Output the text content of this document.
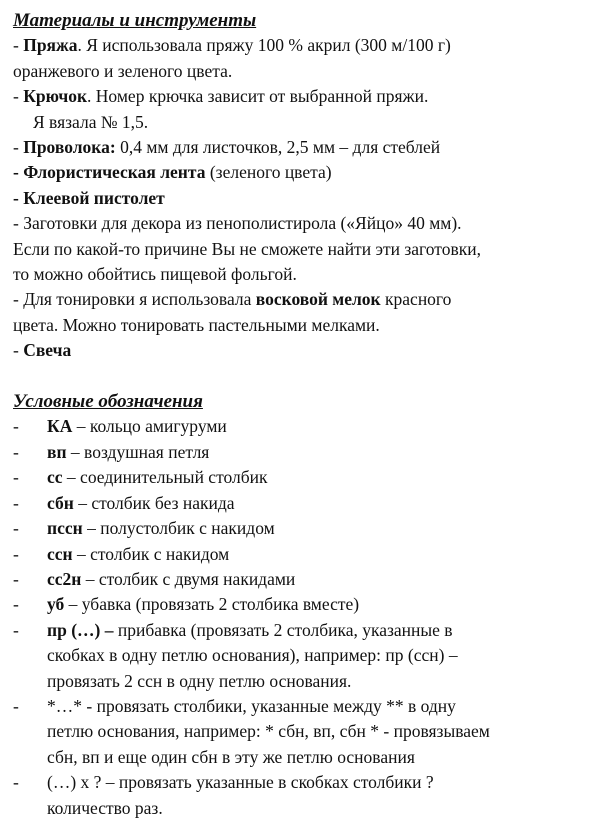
Материалы и инструменты
- Пряжа. Я использовала пряжу 100 % акрил (300 м/100 г)
оранжевого и зеленого цвета.
- Крючок. Номер крючка зависит от выбранной пряжи.
Я вязала № 1,5.
- Проволока: 0,4 мм для листочков, 2,5 мм – для стеблей
- Флористическая лента (зеленого цвета)
- Клеевой пистолет
- Заготовки для декора из пенополистирола («Яйцо» 40 мм).
Если по какой-то причине Вы не сможете найти эти заготовки,
то можно обойтись пищевой фольгой.
- Для тонировки я использовала восковой мелок красного
цвета. Можно тонировать пастельными мелками.
- Свеча
Условные обозначения
- КА – кольцо амигуруми
- вп – воздушная петля
- сс – соединительный столбик
- сбн – столбик без накида
- пссн – полустолбик с накидом
- ссн – столбик с накидом
- сс2н – столбик с двумя накидами
- уб – убавка (провязать 2 столбика вместе)
- пр (…) – прибавка (провязать 2 столбика, указанные в
скобках в одну петлю основания), например: пр (ссн) –
провязать 2 ссн в одну петлю основания.
- *…* - провязать столбики, указанные между ** в одну
петлю основания, например: * сбн, вп, сбн * - провязываем
сбн, вп и еще один сбн в эту же петлю основания
- (…) х ? – провязать указанные в скобках столбики ?
количество раз.
